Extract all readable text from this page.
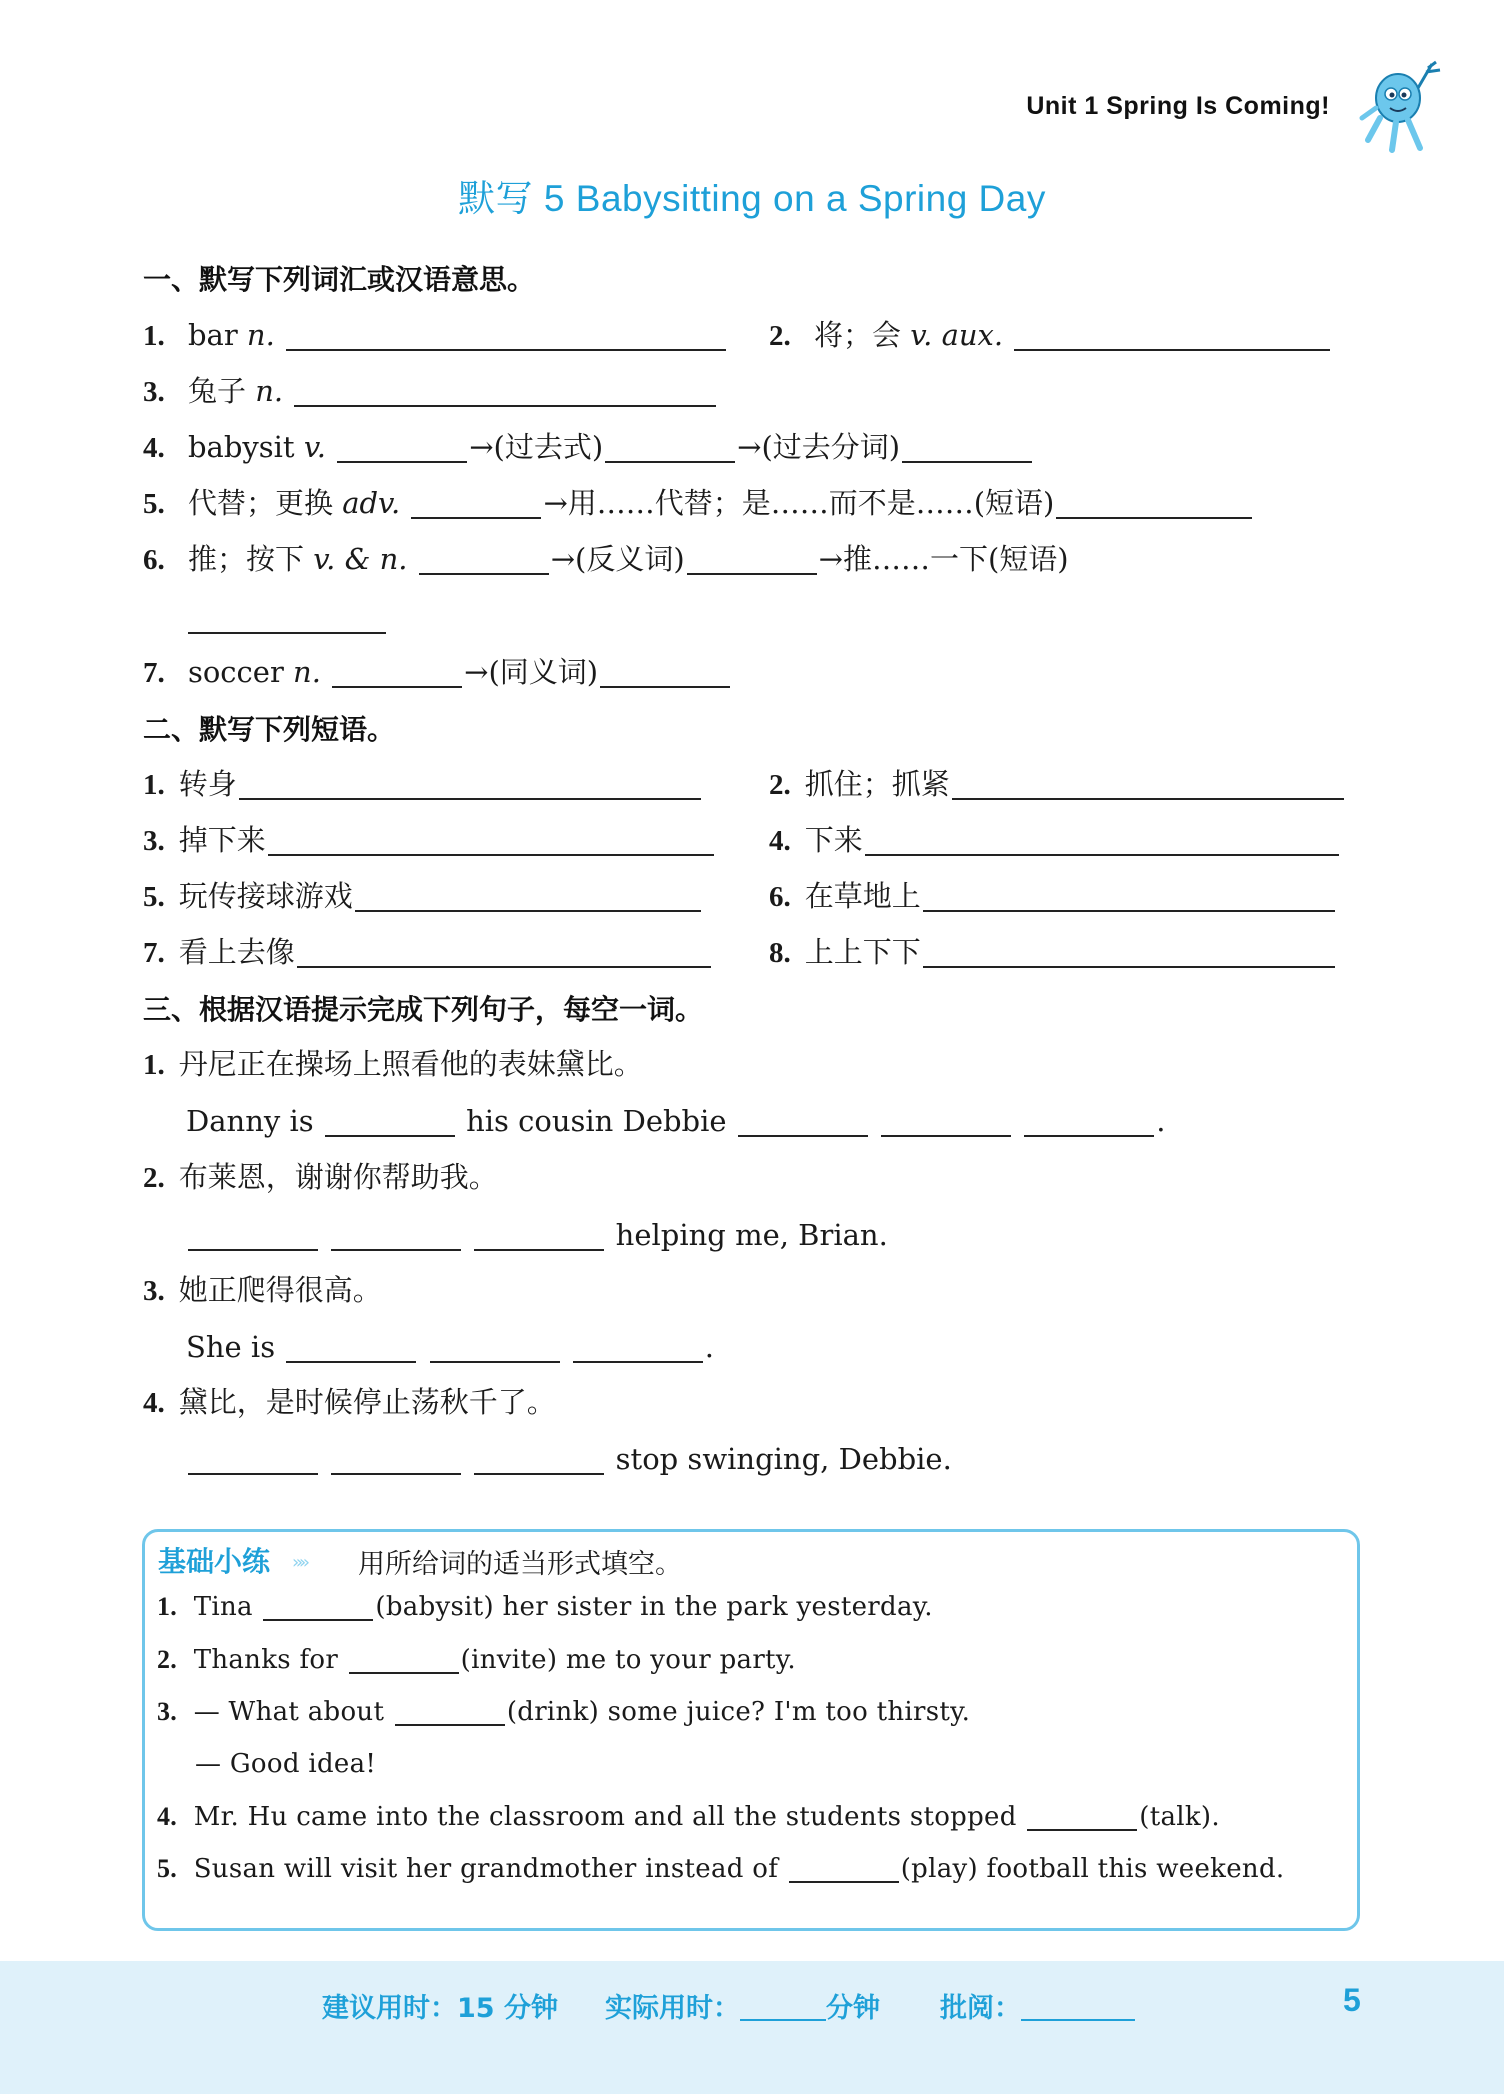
Unit 1 Spring Is Coming!
默写 5 Babysitting on a Spring Day
一、默写下列词汇或汉语意思。
1. bar n.	2. 将；会 v. aux.
3. 兔子 n.
4. babysit v.	→(过去式)	→(过去分词)
5. 代替；更换 adv.	→用……代替；是……而不是……(短语)
6. 推；按下 v. & n.	→(反义词)	→推……一下(短语)
7. soccer n.	→(同义词)
二、默写下列短语。
1. 转身	2. 抓住；抓紧
3. 掉下来	4. 下来
5. 玩传接球游戏	6. 在草地上
7. 看上去像	8. 上上下下
三、根据汉语提示完成下列句子，每空一词。
1. 丹尼正在操场上照看他的表妹黛比。
Danny is	his cousin Debbie	.
2. 布莱恩，谢谢你帮助我。
helping me, Brian.
3. 她正爬得很高。
She is	.
4. 黛比，是时候停止荡秋千了。
stop swinging, Debbie.
基础小练 »» 用所给词的适当形式填空。
1. Tina	(babysit) her sister in the park yesterday.
2. Thanks for	(invite) me to your party.
3. — What about	(drink) some juice? I'm too thirsty.
— Good idea!
4. Mr. Hu came into the classroom and all the students stopped	(talk).
5. Susan will visit her grandmother instead of	(play) football this weekend.
建议用时：15 分钟 实际用时：	分钟 批阅：	5
